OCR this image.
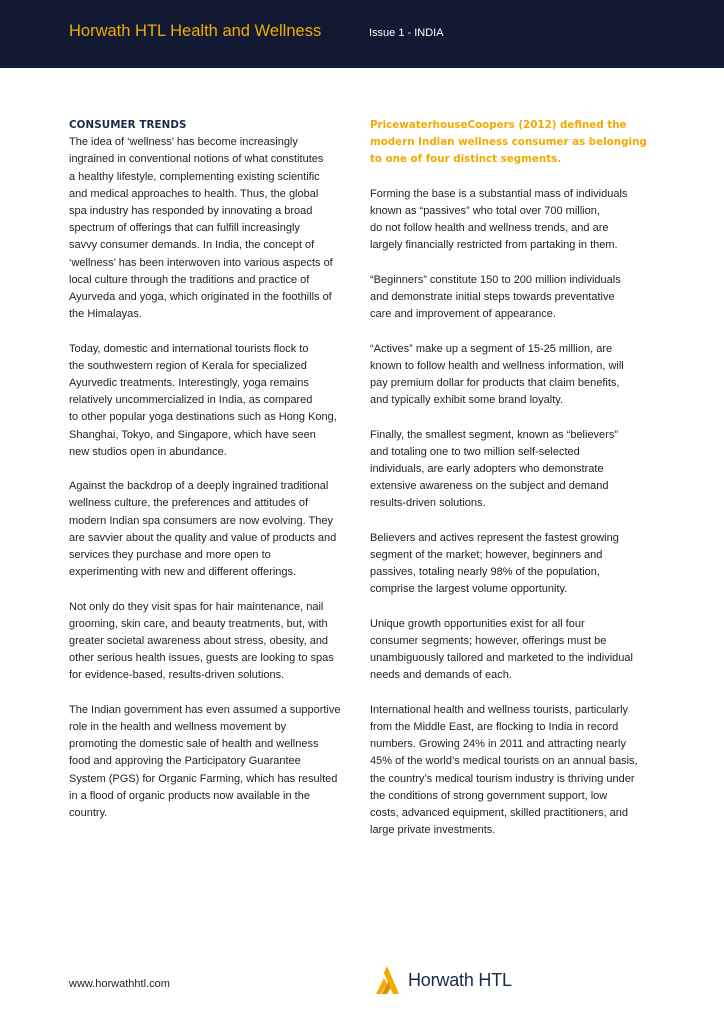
Horwath HTL Health and Wellness	Issue 1 - INDIA
CONSUMER TRENDS
The idea of ‘wellness’ has become increasingly
ingrained in conventional notions of what constitutes
a healthy lifestyle, complementing existing scientific
and medical approaches to health. Thus, the global
spa industry has responded by innovating a broad
spectrum of offerings that can fulfill increasingly
savvy consumer demands. In India, the concept of
‘wellness’ has been interwoven into various aspects of
local culture through the traditions and practice of
Ayurveda and yoga, which originated in the foothills of
the Himalayas.
Today, domestic and international tourists flock to
the southwestern region of Kerala for specialized
Ayurvedic treatments. Interestingly, yoga remains
relatively uncommercialized in India, as compared
to other popular yoga destinations such as Hong Kong,
Shanghai, Tokyo, and Singapore, which have seen
new studios open in abundance.
Against the backdrop of a deeply ingrained traditional
wellness culture, the preferences and attitudes of
modern Indian spa consumers are now evolving. They
are savvier about the quality and value of products and
services they purchase and more open to
experimenting with new and different offerings.
Not only do they visit spas for hair maintenance, nail
grooming, skin care, and beauty treatments, but, with
greater societal awareness about stress, obesity, and
other serious health issues, guests are looking to spas
for evidence-based, results-driven solutions.
The Indian government has even assumed a supportive
role in the health and wellness movement by
promoting the domestic sale of health and wellness
food and approving the Participatory Guarantee
System (PGS) for Organic Farming, which has resulted
in a flood of organic products now available in the
country.
PricewaterhouseCoopers (2012) defined the
modern Indian wellness consumer as belonging
to one of four distinct segments.
Forming the base is a substantial mass of individuals
known as “passives” who total over 700 million,
do not follow health and wellness trends, and are
largely financially restricted from partaking in them.
“Beginners” constitute 150 to 200 million individuals
and demonstrate initial steps towards preventative
care and improvement of appearance.
“Actives” make up a segment of 15-25 million, are
known to follow health and wellness information, will
pay premium dollar for products that claim benefits,
and typically exhibit some brand loyalty.
Finally, the smallest segment, known as “believers”
and totaling one to two million self-selected
individuals, are early adopters who demonstrate
extensive awareness on the subject and demand
results-driven solutions.
Believers and actives represent the fastest growing
segment of the market; however, beginners and
passives, totaling nearly 98% of the population,
comprise the largest volume opportunity.
Unique growth opportunities exist for all four
consumer segments; however, offerings must be
unambiguously tailored and marketed to the individual
needs and demands of each.
International health and wellness tourists, particularly
from the Middle East, are flocking to India in record
numbers. Growing 24% in 2011 and attracting nearly
45% of the world’s medical tourists on an annual basis,
the country’s medical tourism industry is thriving under
the conditions of strong government support, low
costs, advanced equipment, skilled practitioners, and
large private investments.
www.horwathhtl.com	Horwath HTL
